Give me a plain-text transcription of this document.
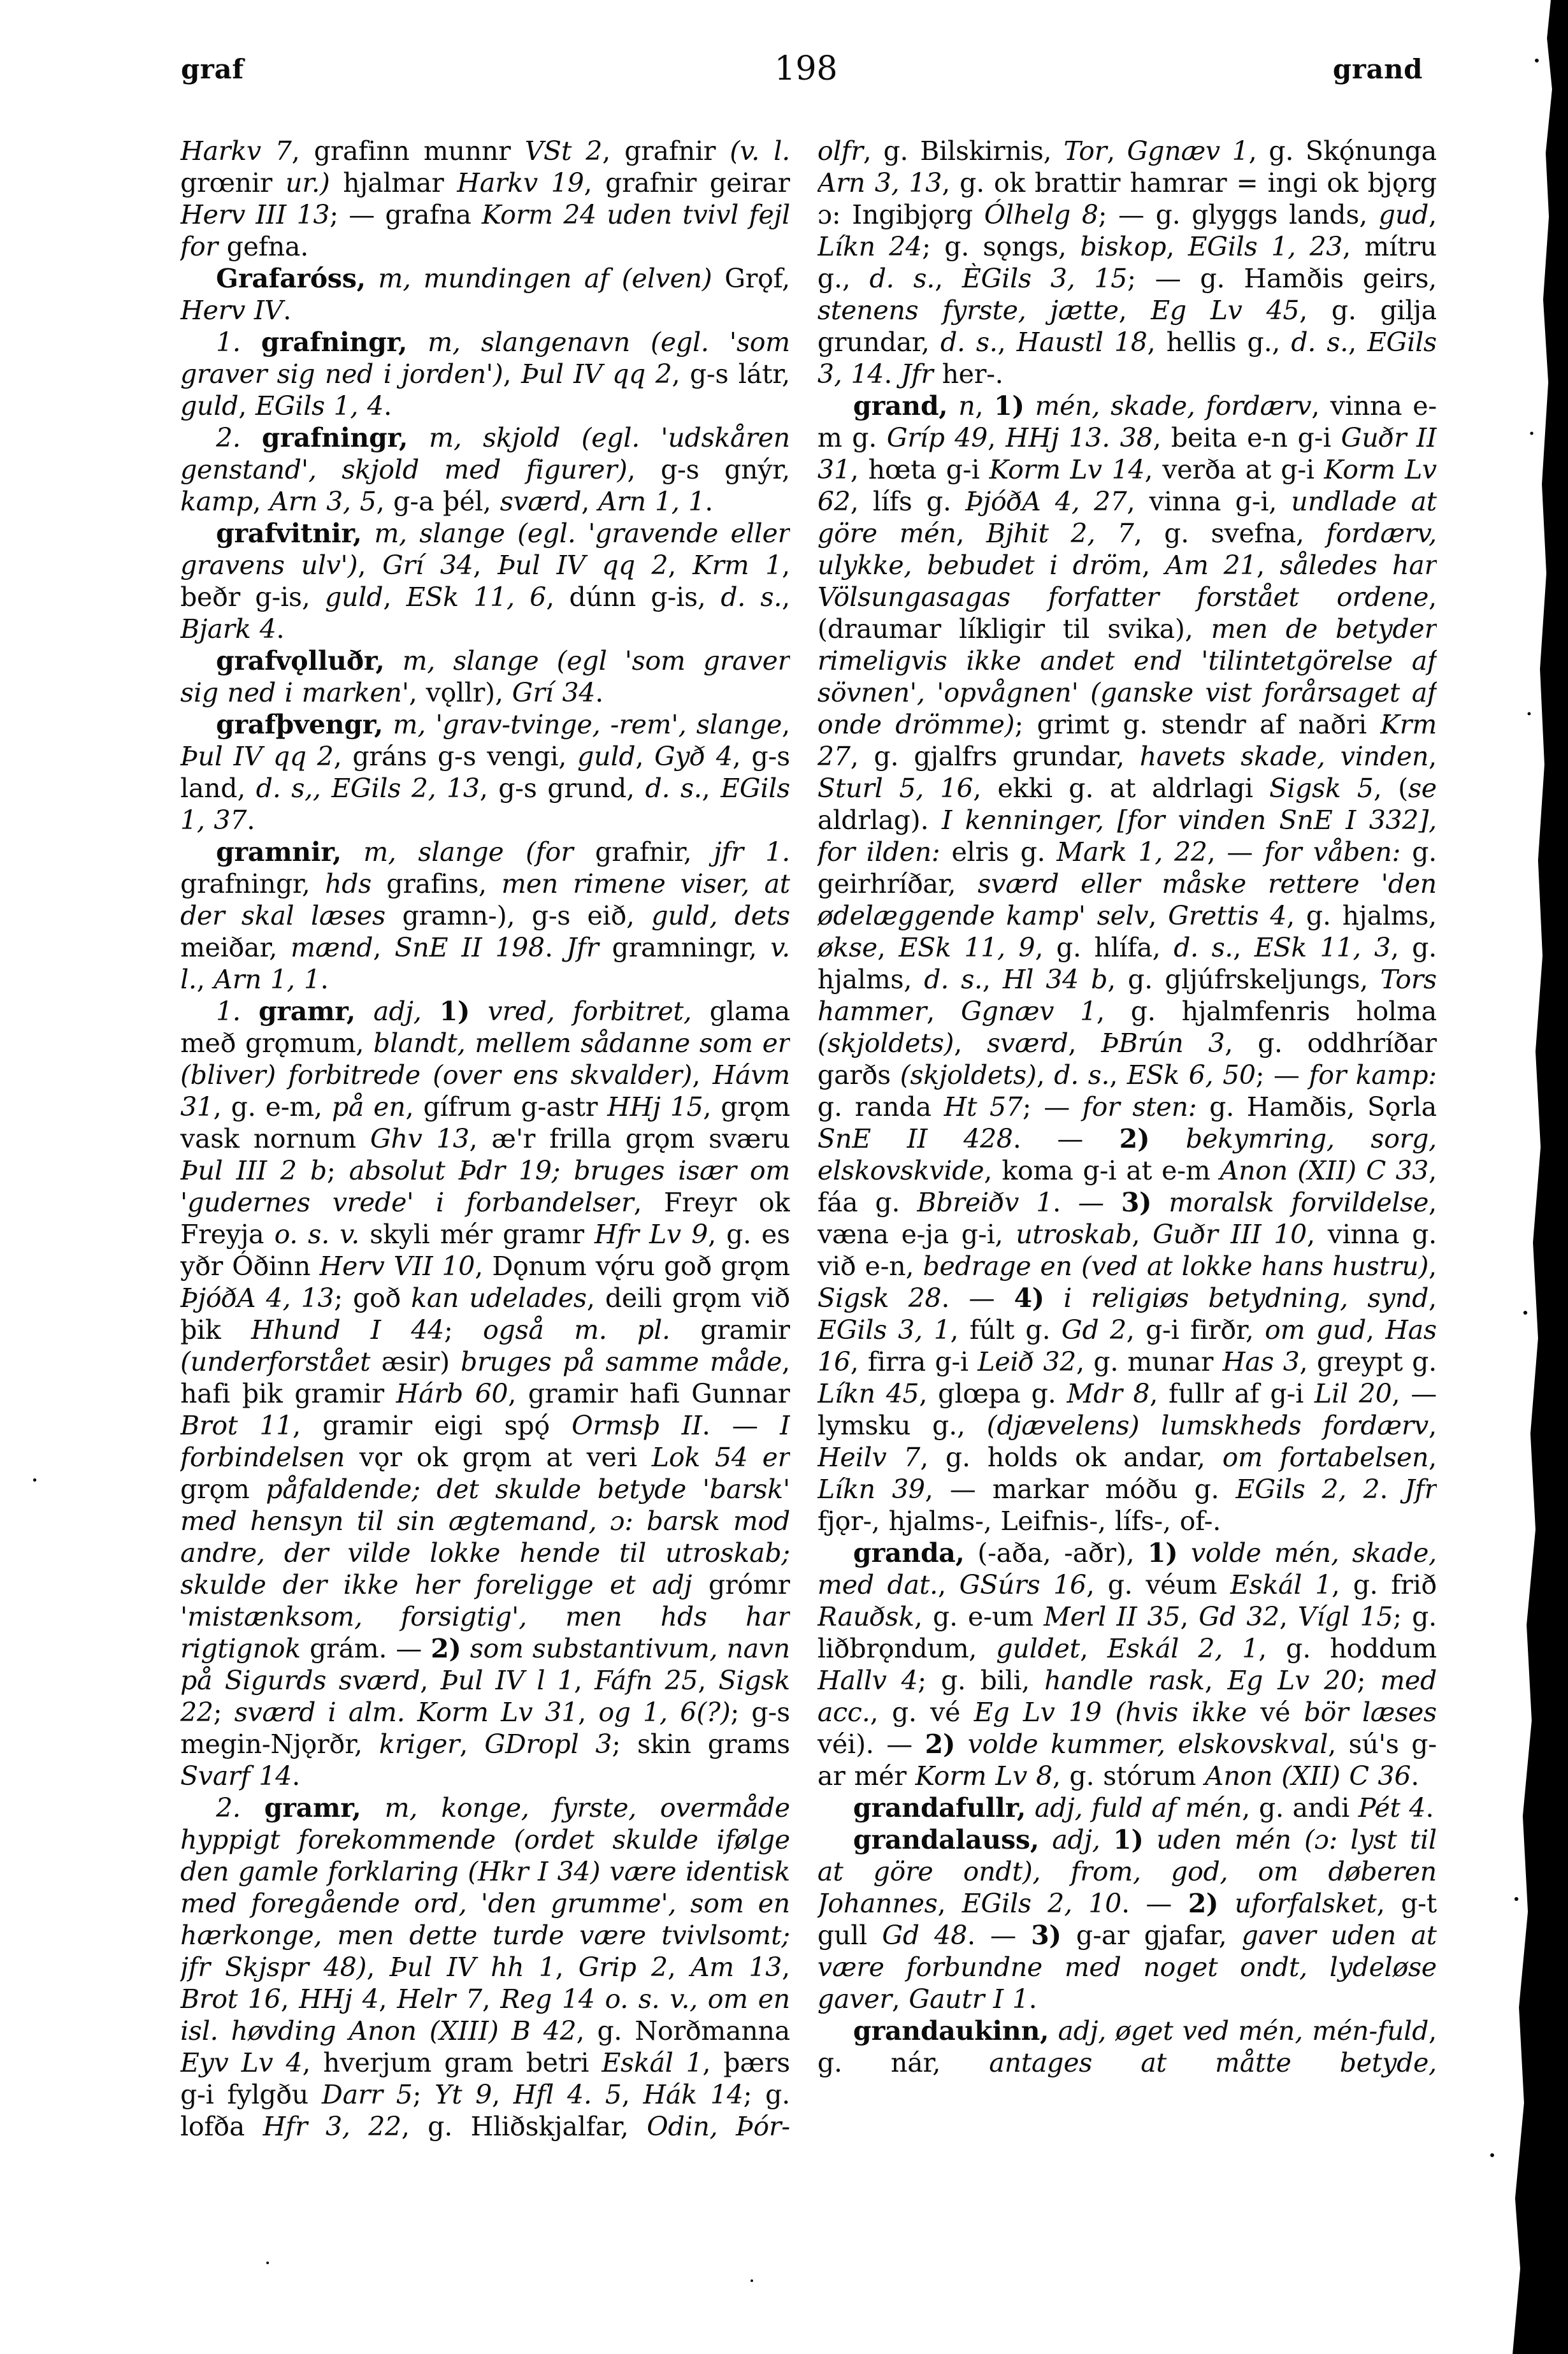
graf	198	grand

Harkv 7, grafinn munnr VSt 2, grafnir (v. l. grœnir ur.) hjalmar Harkv 19, grafnir geirar Herv III 13; — grafna Korm 24 uden tvivl fejl for gefna.

Grafaróss, m, mundingen af (elven) Grǫf, Herv IV.

1. grafningr, m, slangenavn (egl. 'som graver sig ned i jorden'), Þul IV qq 2, g-s látr, guld, EGils 1, 4.

2. grafningr, m, skjold (egl. 'udskåren genstand', skjold med figurer), g-s gnýr, kamp, Arn 3, 5, g-a þél, sværd, Arn 1, 1.

grafvitnir, m, slange (egl. 'gravende eller gravens ulv'), Grí 34, Þul IV qq 2, Krm 1, beðr g-is, guld, ESk 11, 6, dúnn g-is, d. s., Bjark 4.

grafvǫlluðr, m, slange (egl 'som graver sig ned i marken', vǫllr), Grí 34.

grafþvengr, m, 'grav-tvinge, -rem', slange, Þul IV qq 2, gráns g-s vengi, guld, Gyð 4, g-s land, d. s,, EGils 2, 13, g-s grund, d. s., EGils 1, 37.

gramnir, m, slange (for grafnir, jfr 1. grafningr, hds grafins, men rimene viser, at der skal læses gramn-), g-s eið, guld, dets meiðar, mænd, SnE II 198. Jfr gramningr, v. l., Arn 1, 1.

1. gramr, adj, 1) vred, forbitret, glama með grǫmum, blandt, mellem sådanne som er (bliver) forbitrede (over ens skvalder), Hávm 31, g. e-m, på en, gífrum g-astr HHj 15, grǫm vask nornum Ghv 13, æ'r frilla grǫm sværu Þul III 2 b; absolut Þdr 19; bruges især om 'gudernes vrede' i forbandelser, Freyr ok Freyja o. s. v. skyli mér gramr Hfr Lv 9, g. es yðr Óðinn Herv VII 10, Dǫnum vǫ́ru goð grǫm ÞjóðA 4, 13; goð kan udelades, deili grǫm við þik Hhund I 44; også m. pl. gramir (underforstået æsir) bruges på samme måde, hafi þik gramir Hárb 60, gramir hafi Gunnar Brot 11, gramir eigi spǫ́ Ormsþ II. — I forbindelsen vǫr ok grǫm at veri Lok 54 er grǫm påfaldende; det skulde betyde 'barsk' med hensyn til sin ægtemand, ɔ: barsk mod andre, der vilde lokke hende til utroskab; skulde der ikke her foreligge et adj grómr 'mistænksom, forsigtig', men hds har rigtignok grám. — 2) som substantivum, navn på Sigurds sværd, Þul IV l 1, Fáfn 25, Sigsk 22; sværd i alm. Korm Lv 31, og 1, 6(?); g-s megin-Njǫrðr, kriger, GDropl 3; skin grams Svarf 14.

2. gramr, m, konge, fyrste, overmåde hyppigt forekommende (ordet skulde ifølge den gamle forklaring (Hkr I 34) være identisk med foregående ord, 'den grumme', som en hærkonge, men dette turde være tvivlsomt; jfr Skjspr 48), Þul IV hh 1, Grip 2, Am 13, Brot 16, HHj 4, Helr 7, Reg 14 o. s. v., om en isl. høvding Anon (XIII) B 42, g. Norðmanna Eyv Lv 4, hverjum gram betri Eskál 1, þærs g-i fylgðu Darr 5; Yt 9, Hfl 4. 5, Hák 14; g. lofða Hfr 3, 22, g. Hliðskjalfar, Odin, Þór-

olfr, g. Bilskirnis, Tor, Ggnæv 1, g. Skǫ́nunga Arn 3, 13, g. ok brattir hamrar = ingi ok bjǫrg ɔ: Ingibjǫrg Ólhelg 8; — g. glyggs lands, gud, Líkn 24; g. sǫngs, biskop, EGils 1, 23, mítru g., d. s., ÈGils 3, 15; — g. Hamðis geirs, stenens fyrste, jætte, Eg Lv 45, g. gilja grundar, d. s., Haustl 18, hellis g., d. s., EGils 3, 14. Jfr her-.

grand, n, 1) mén, skade, fordærv, vinna e-m g. Gríp 49, HHj 13. 38, beita e-n g-i Guðr II 31, hœta g-i Korm Lv 14, verða at g-i Korm Lv 62, lífs g. ÞjóðA 4, 27, vinna g-i, undlade at göre mén, Bjhit 2, 7, g. svefna, fordærv, ulykke, bebudet i dröm, Am 21, således har Völsungasagas forfatter forstået ordene, (draumar líkligir til svika), men de betyder rimeligvis ikke andet end 'tilintetgörelse af sövnen', 'opvågnen' (ganske vist forårsaget af onde drömme); grimt g. stendr af naðri Krm 27, g. gjalfrs grundar, havets skade, vinden, Sturl 5, 16, ekki g. at aldrlagi Sigsk 5, (se aldrlag). I kenninger, [for vinden SnE I 332], for ilden: elris g. Mark 1, 22, — for våben: g. geirhríðar, sværd eller måske rettere 'den ødelæggende kamp' selv, Grettis 4, g. hjalms, økse, ESk 11, 9, g. hlífa, d. s., ESk 11, 3, g. hjalms, d. s., Hl 34 b, g. gljúfrskeljungs, Tors hammer, Ggnæv 1, g. hjalmfenris holma (skjoldets), sværd, ÞBrún 3, g. oddhríðar garðs (skjoldets), d. s., ESk 6, 50; — for kamp: g. randa Ht 57; — for sten: g. Hamðis, Sǫrla SnE II 428. — 2) bekymring, sorg, elskovskvide, koma g-i at e-m Anon (XII) C 33, fáa g. Bbreiðv 1. — 3) moralsk forvildelse, væna e-ja g-i, utroskab, Guðr III 10, vinna g. við e-n, bedrage en (ved at lokke hans hustru), Sigsk 28. — 4) i religiøs betydning, synd, EGils 3, 1, fúlt g. Gd 2, g-i firðr, om gud, Has 16, firra g-i Leið 32, g. munar Has 3, greypt g. Líkn 45, glœpa g. Mdr 8, fullr af g-i Lil 20, — lymsku g., (djævelens) lumskheds fordærv, Heilv 7, g. holds ok andar, om fortabelsen, Líkn 39, — markar móðu g. EGils 2, 2. Jfr fjǫr-, hjalms-, Leifnis-, lífs-, of-.

granda, (-aða, -aðr), 1) volde mén, skade, med dat., GSúrs 16, g. véum Eskál 1, g. frið Rauðsk, g. e-um Merl II 35, Gd 32, Vígl 15; g. liðbrǫndum, guldet, Eskál 2, 1, g. hoddum Hallv 4; g. bili, handle rask, Eg Lv 20; med acc., g. vé Eg Lv 19 (hvis ikke vé bör læses véi). — 2) volde kummer, elskovskval, sú's g-ar mér Korm Lv 8, g. stórum Anon (XII) C 36.

grandafullr, adj, fuld af mén, g. andi Pét 4.

grandalauss, adj, 1) uden mén (ɔ: lyst til at göre ondt), from, god, om døberen Johannes, EGils 2, 10. — 2) uforfalsket, g-t gull Gd 48. — 3) g-ar gjafar, gaver uden at være forbundne med noget ondt, lydeløse gaver, Gautr I 1.

grandaukinn, adj, øget ved mén, mén-fuld, g. nár, antages at måtte betyde,
